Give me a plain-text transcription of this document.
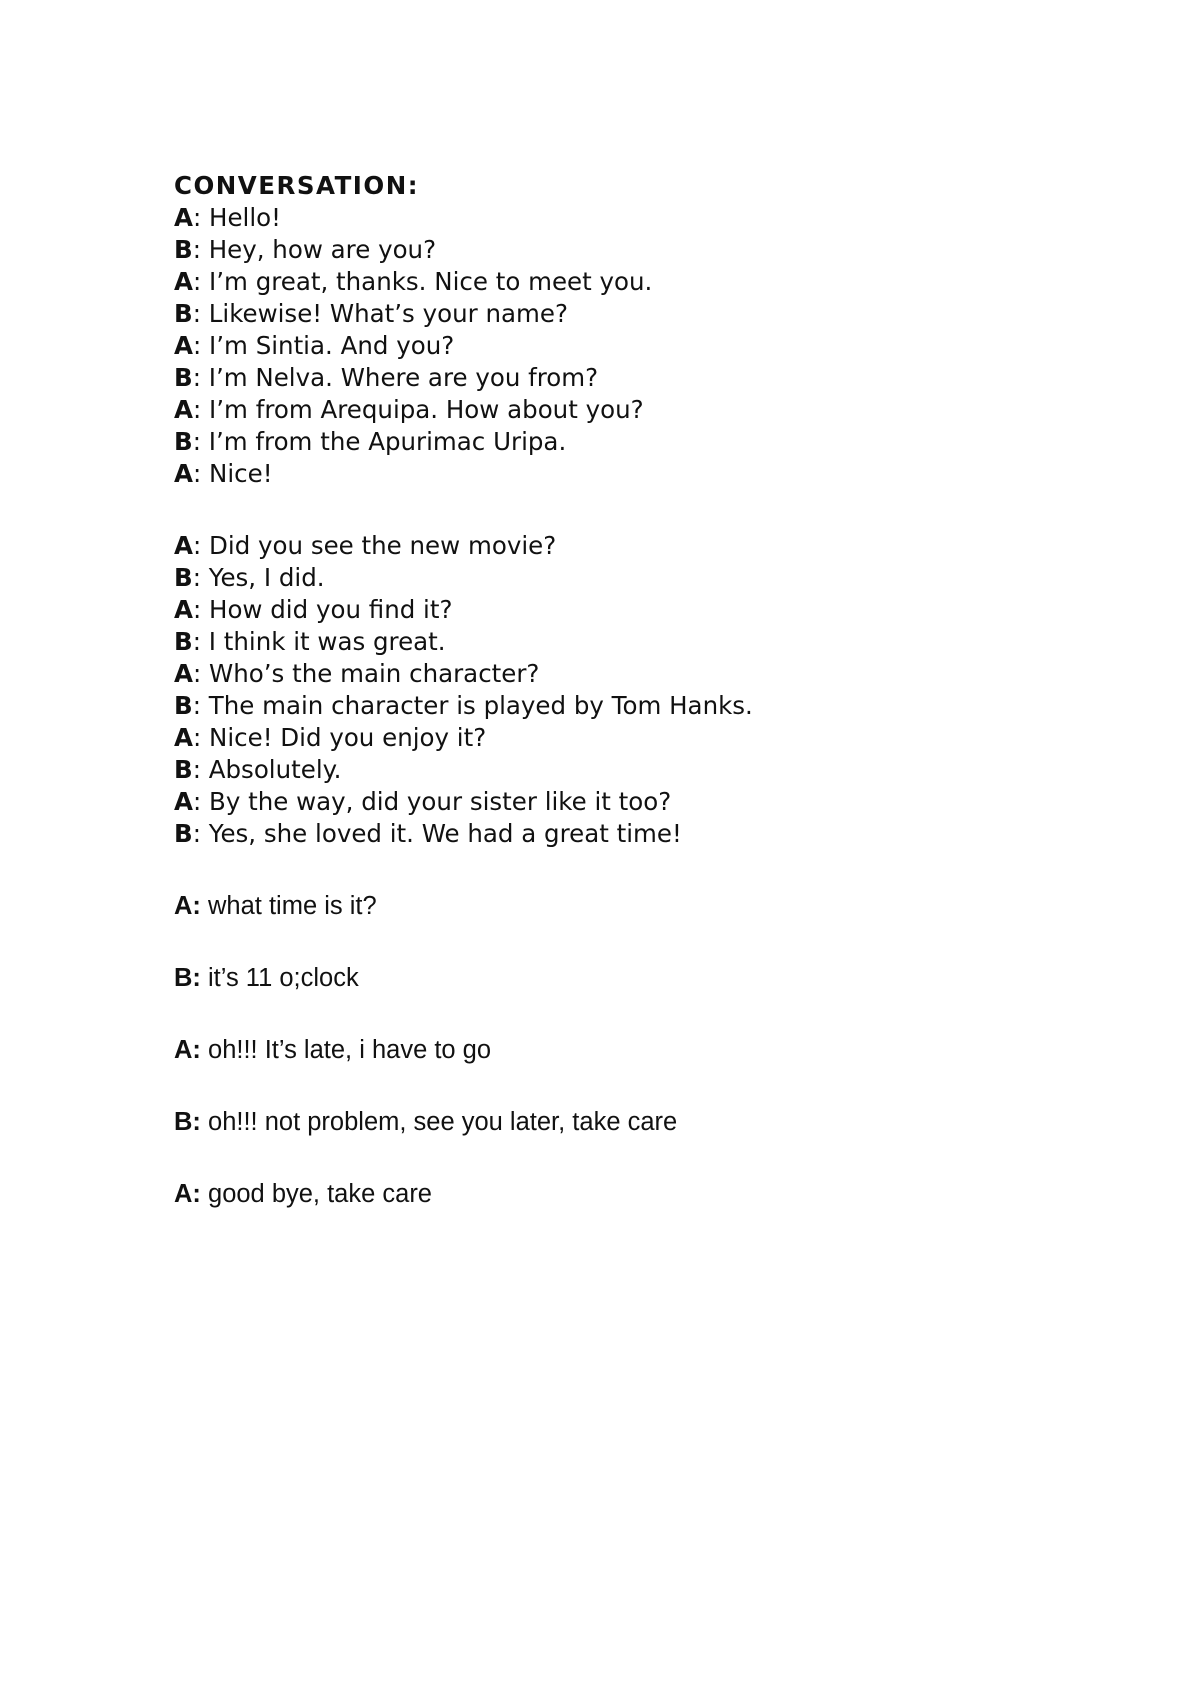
CONVERSATION:
A: Hello!
B: Hey, how are you?
A: I’m great, thanks. Nice to meet you.
B: Likewise! What’s your name?
A: I’m Sintia. And you?
B: I’m Nelva. Where are you from?
A: I’m from Arequipa. How about you?
B: I’m from the Apurimac Uripa.
A: Nice!
A: Did you see the new movie?
B: Yes, I did.
A: How did you find it?
B: I think it was great.
A: Who’s the main character?
B: The main character is played by Tom Hanks.
A: Nice! Did you enjoy it?
B: Absolutely.
A: By the way, did your sister like it too?
B: Yes, she loved it. We had a great time!
A: what time is it?
B: it’s 11 o;clock
A: oh!!! It’s late, i have to go
B: oh!!! not problem, see you later, take care
A: good bye, take care
